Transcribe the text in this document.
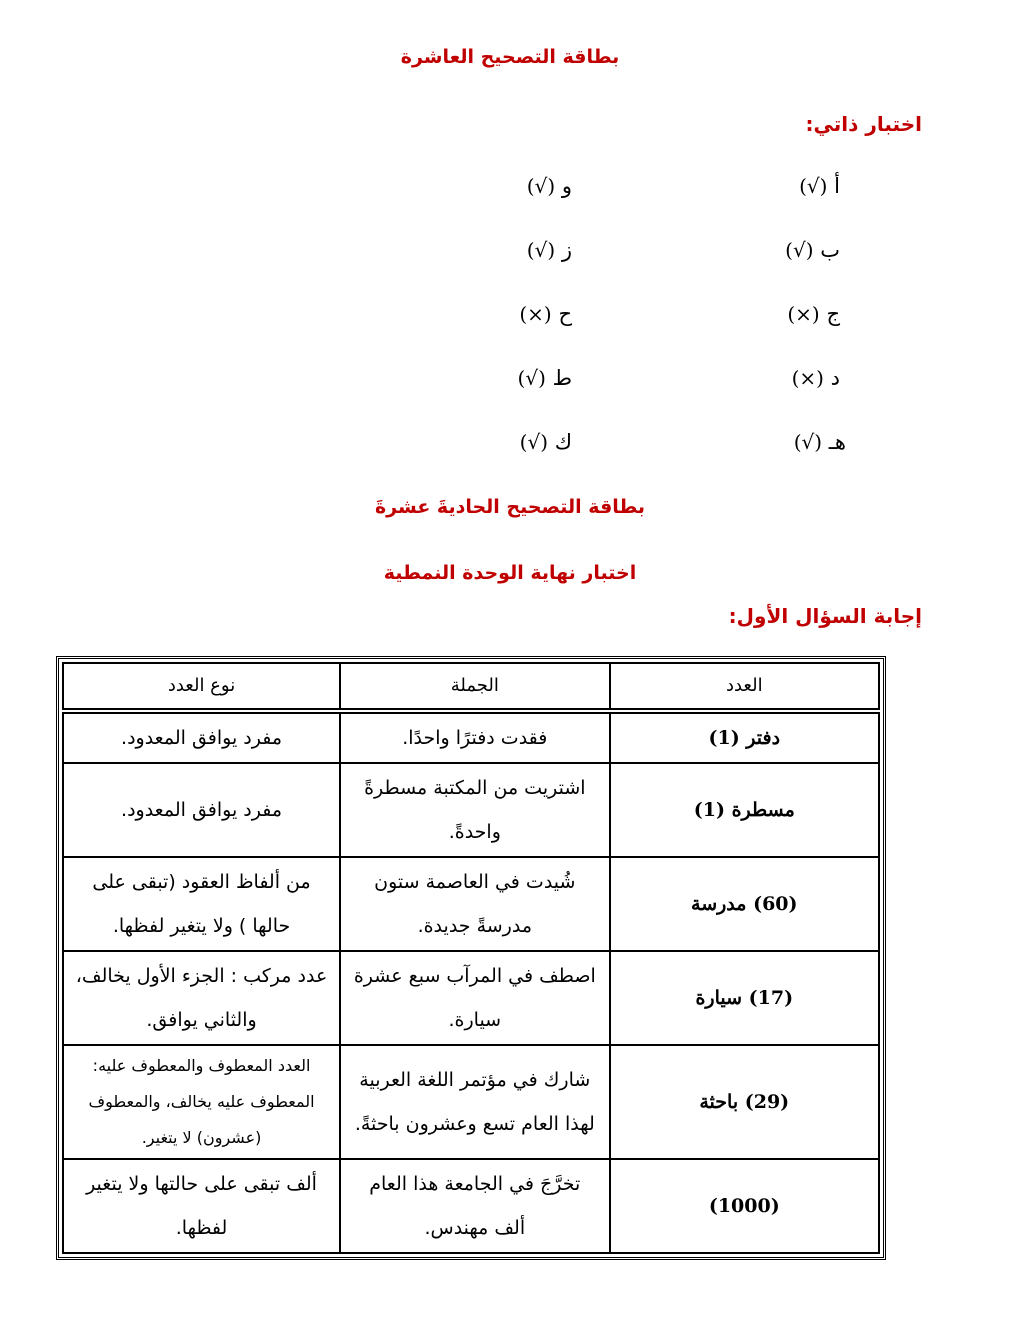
بطاقة التصحيح العاشرة
اختبار ذاتي:
أ (√)
ب (√)
ج (×)
د (×)
هـ (√)
و (√)
ز (√)
ح (×)
ط (√)
ك (√)
بطاقة التصحيح الحاديةَ عشرةَ
اختبار نهاية الوحدة النمطية
إجابة السؤال الأول:
العدد	الجملة	نوع العدد

دفتر (1)	فقدت دفترًا واحدًا.	مفرد يوافق المعدود.
مسطرة (1)	اشتريت من المكتبة مسطرةً واحدةً.	مفرد يوافق المعدود.
(60) مدرسة	شُيدت في العاصمة ستون مدرسةً جديدة.	من ألفاظ العقود (تبقى على حالها ) ولا يتغير لفظها.
(17) سيارة	اصطف في المرآب سبع عشرة سيارة.	عدد مركب : الجزء الأول يخالف، والثاني يوافق.
(29) باحثة	شارك في مؤتمر اللغة العربية لهذا العام تسع وعشرون باحثةً.	العدد المعطوف والمعطوف عليه: المعطوف عليه يخالف، والمعطوف (عشرون) لا يتغير.
(1000)	تخرَّجَ في الجامعة هذا العام ألف مهندس.	ألف تبقى على حالتها ولا يتغير لفظها.
